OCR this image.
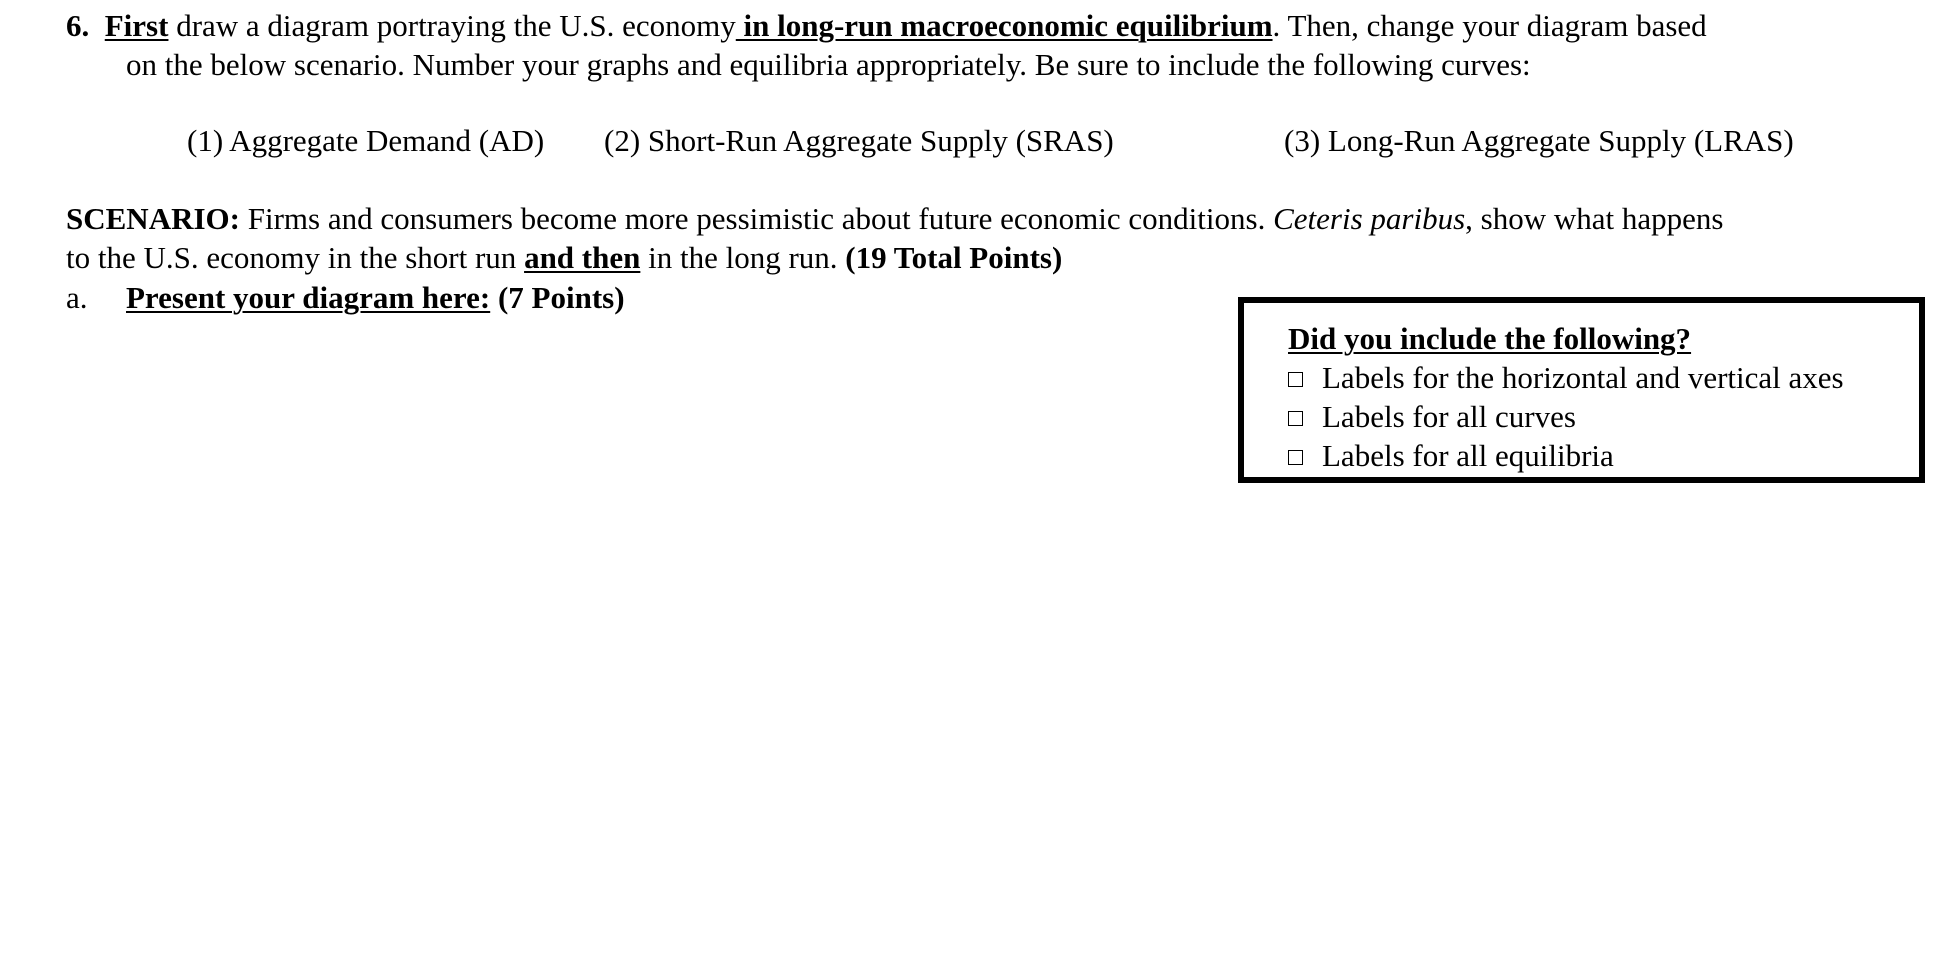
6. First draw a diagram portraying the U.S. economy in long-run macroeconomic equilibrium. Then, change your diagram based
on the below scenario. Number your graphs and equilibria appropriately. Be sure to include the following curves:
(1) Aggregate Demand (AD) (2) Short-Run Aggregate Supply (SRAS)	(3) Long-Run Aggregate Supply (LRAS)
SCENARIO: Firms and consumers become more pessimistic about future economic conditions. Ceteris paribus, show what happens
to the U.S. economy in the short run and then in the long run. (19 Total Points)
a. Present your diagram here: (7 Points)
Did you include the following?
Labels for the horizontal and vertical axes
Labels for all curves
Labels for all equilibria
